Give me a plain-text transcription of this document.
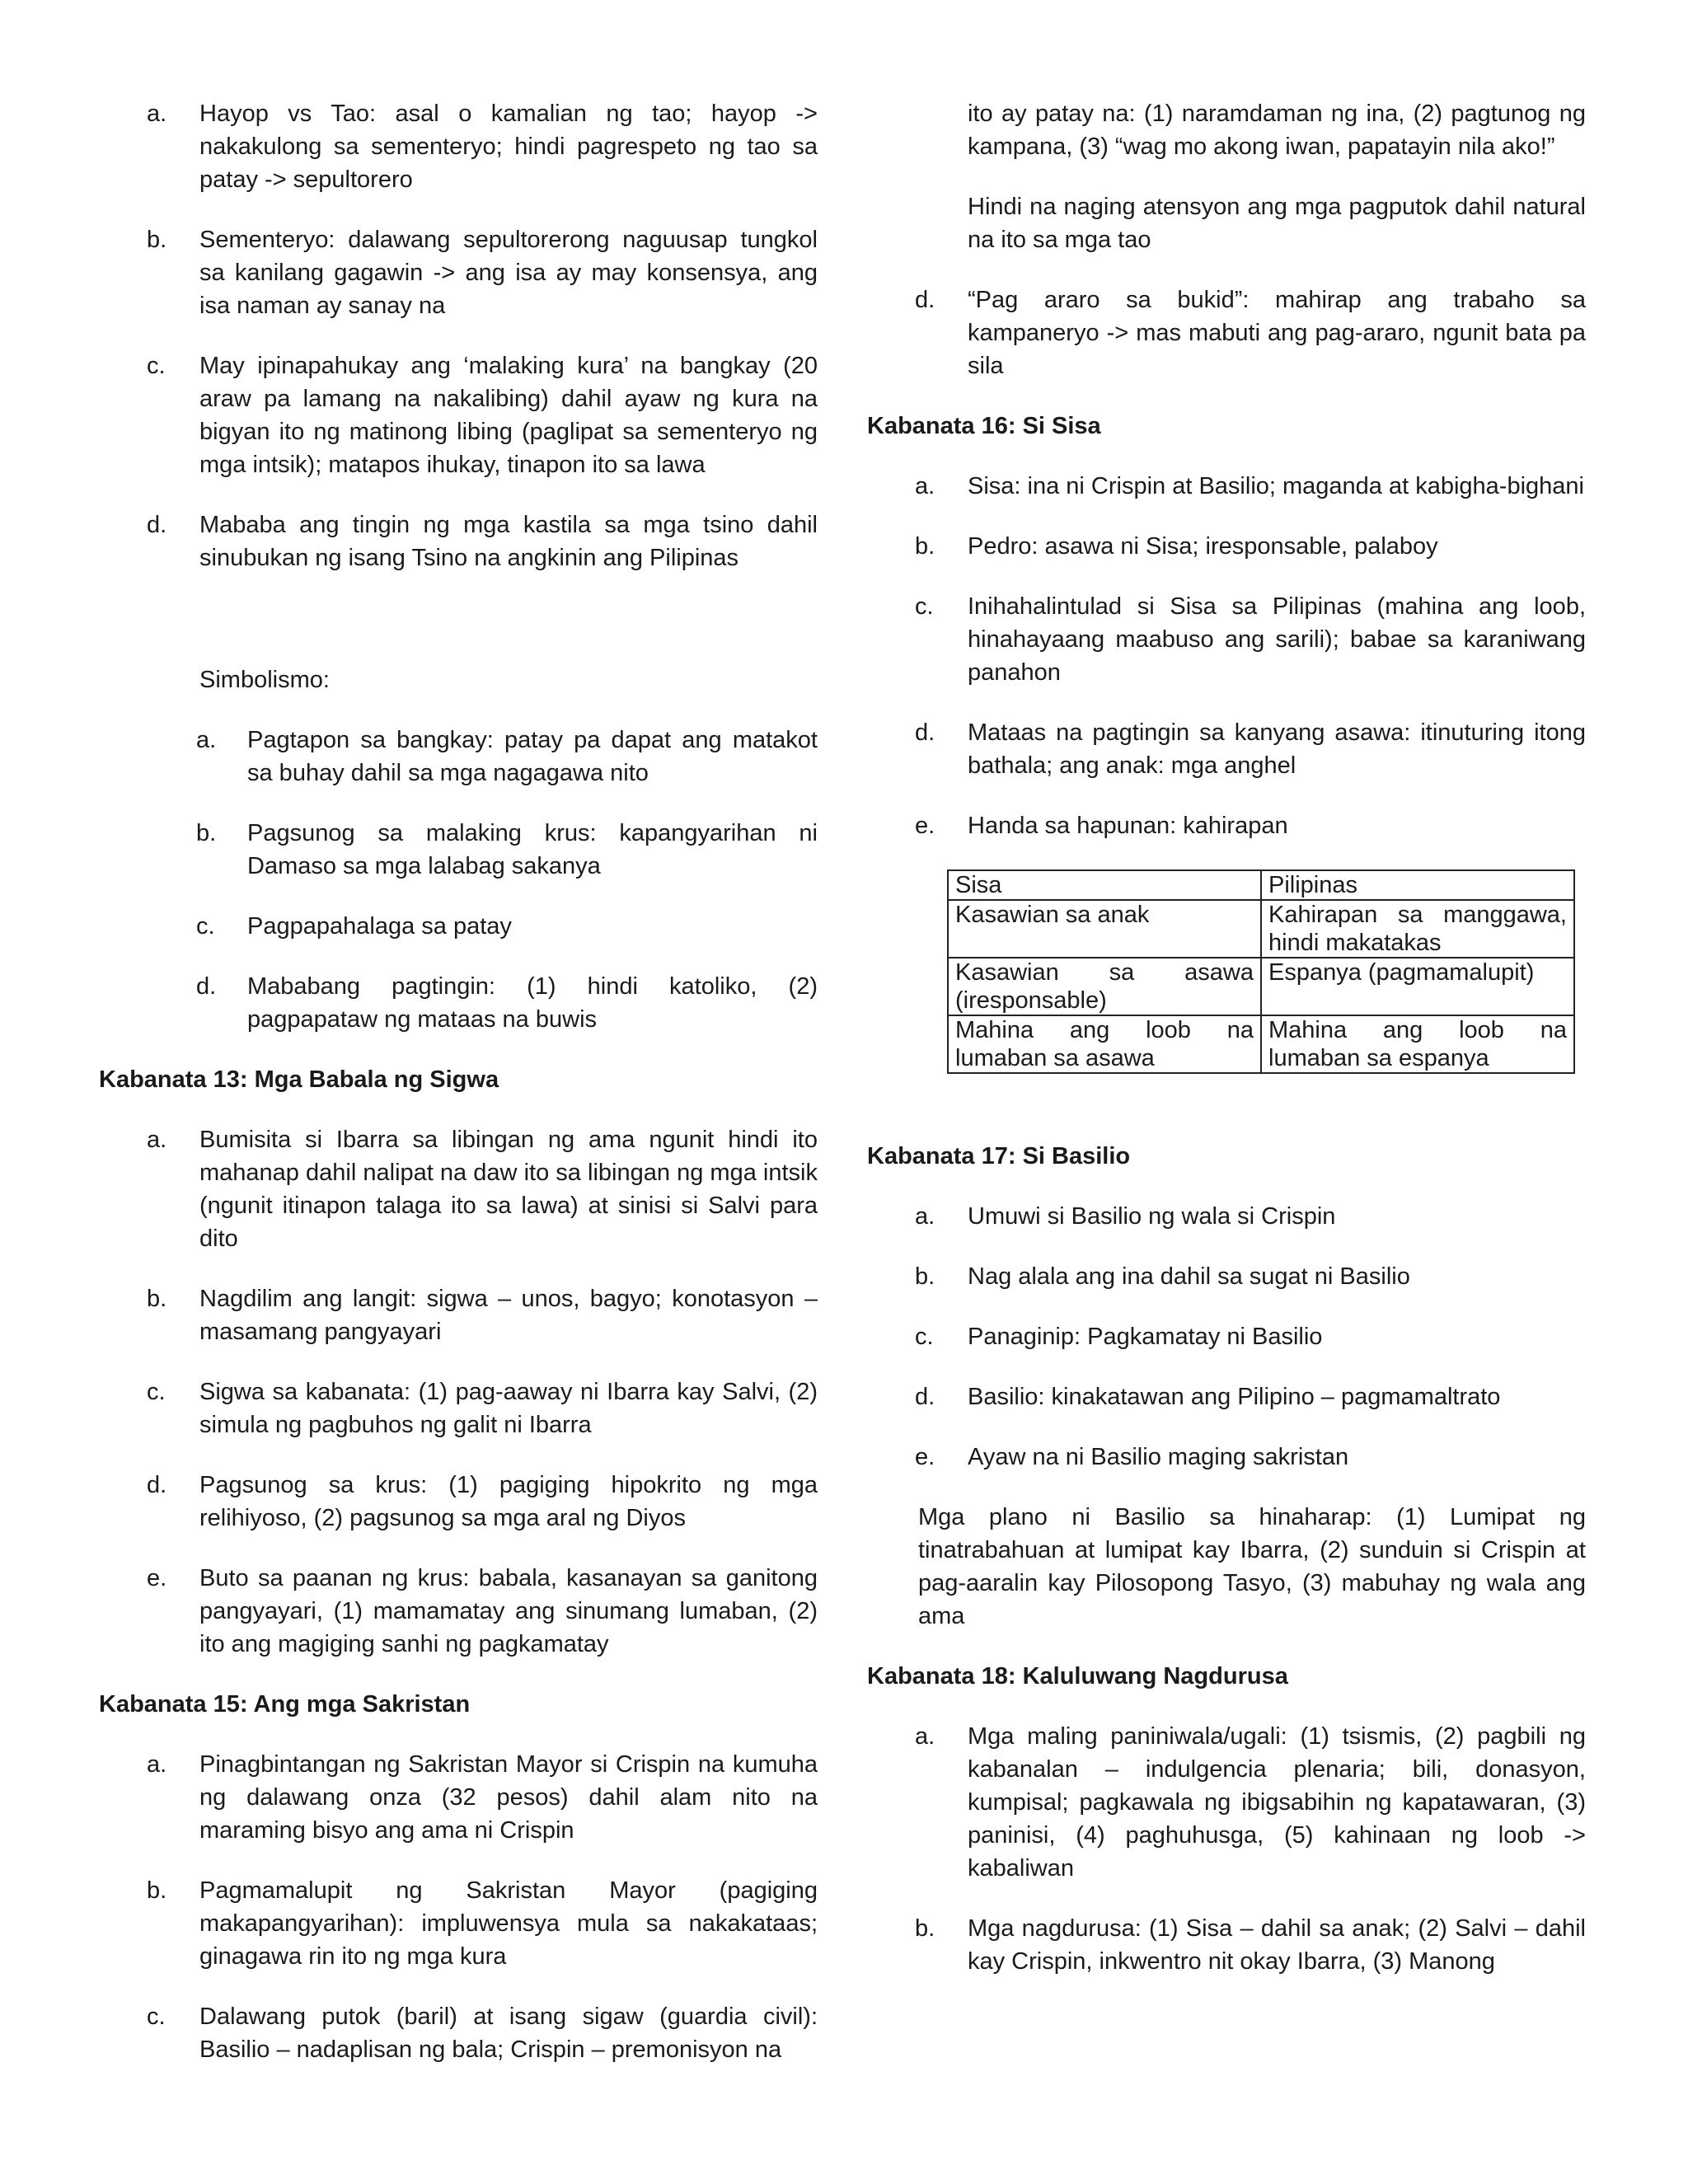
a. Hayop vs Tao: asal o kamalian ng tao; hayop -> nakakulong sa sementeryo; hindi pagrespeto ng tao sa patay -> sepultorero
b. Sementeryo: dalawang sepultorerong naguusap tungkol sa kanilang gagawin -> ang isa ay may konsensya, ang isa naman ay sanay na
c. May ipinapahukay ang ‘malaking kura’ na bangkay (20 araw pa lamang na nakalibing) dahil ayaw ng kura na bigyan ito ng matinong libing (paglipat sa sementeryo ng mga intsik); matapos ihukay, tinapon ito sa lawa
d. Mababa ang tingin ng mga kastila sa mga tsino dahil sinubukan ng isang Tsino na angkinin ang Pilipinas
Simbolismo:
a. Pagtapon sa bangkay: patay pa dapat ang matakot sa buhay dahil sa mga nagagawa nito
b. Pagsunog sa malaking krus: kapangyarihan ni Damaso sa mga lalabag sakanya
c. Pagpapahalaga sa patay
d. Mababang pagtingin: (1) hindi katoliko, (2) pagpapataw ng mataas na buwis
Kabanata 13: Mga Babala ng Sigwa
a. Bumisita si Ibarra sa libingan ng ama ngunit hindi ito mahanap dahil nalipat na daw ito sa libingan ng mga intsik (ngunit itinapon talaga ito sa lawa) at sinisi si Salvi para dito
b. Nagdilim ang langit: sigwa – unos, bagyo; konotasyon – masamang pangyayari
c. Sigwa sa kabanata: (1) pag-aaway ni Ibarra kay Salvi, (2) simula ng pagbuhos ng galit ni Ibarra
d. Pagsunog sa krus: (1) pagiging hipokrito ng mga relihiyoso, (2) pagsunog sa mga aral ng Diyos
e. Buto sa paanan ng krus: babala, kasanayan sa ganitong pangyayari, (1) mamamatay ang sinumang lumaban, (2) ito ang magiging sanhi ng pagkamatay
Kabanata 15: Ang mga Sakristan
a. Pinagbintangan ng Sakristan Mayor si Crispin na kumuha ng dalawang onza (32 pesos) dahil alam nito na maraming bisyo ang ama ni Crispin
b. Pagmamalupit ng Sakristan Mayor (pagiging makapangyarihan): impluwensya mula sa nakakataas; ginagawa rin ito ng mga kura
c. Dalawang putok (baril) at isang sigaw (guardia civil): Basilio – nadaplisan ng bala; Crispin – premonisyon na
ito ay patay na: (1) naramdaman ng ina, (2) pagtunog ng kampana, (3) “wag mo akong iwan, papatayin nila ako!”
Hindi na naging atensyon ang mga pagputok dahil natural na ito sa mga tao
d. “Pag araro sa bukid”: mahirap ang trabaho sa kampaneryo -> mas mabuti ang pag-araro, ngunit bata pa sila
Kabanata 16: Si Sisa
a. Sisa: ina ni Crispin at Basilio; maganda at kabigha-bighani
b. Pedro: asawa ni Sisa; iresponsable, palaboy
c. Inihahalintulad si Sisa sa Pilipinas (mahina ang loob, hinahayaang maabuso ang sarili); babae sa karaniwang panahon
d. Mataas na pagtingin sa kanyang asawa: itinuturing itong bathala; ang anak: mga anghel
e. Handa sa hapunan: kahirapan
Sisa	Pilipinas
Kasawian sa anak	Kahirapan sa manggawa, hindi makatakas
Kasawian sa asawa (iresponsable)	Espanya (pagmamalupit)
Mahina ang loob na lumaban sa asawa	Mahina ang loob na lumaban sa espanya
Kabanata 17: Si Basilio
a. Umuwi si Basilio ng wala si Crispin
b. Nag alala ang ina dahil sa sugat ni Basilio
c. Panaginip: Pagkamatay ni Basilio
d. Basilio: kinakatawan ang Pilipino – pagmamaltrato
e. Ayaw na ni Basilio maging sakristan
Mga plano ni Basilio sa hinaharap: (1) Lumipat ng tinatrabahuan at lumipat kay Ibarra, (2) sunduin si Crispin at pag-aaralin kay Pilosopong Tasyo, (3) mabuhay ng wala ang ama
Kabanata 18: Kaluluwang Nagdurusa
a. Mga maling paniniwala/ugali: (1) tsismis, (2) pagbili ng kabanalan – indulgencia plenaria; bili, donasyon, kumpisal; pagkawala ng ibigsabihin ng kapatawaran, (3) paninisi, (4) paghuhusga, (5) kahinaan ng loob -> kabaliwan
b. Mga nagdurusa: (1) Sisa – dahil sa anak; (2) Salvi – dahil kay Crispin, inkwentro nit okay Ibarra, (3) Manong
